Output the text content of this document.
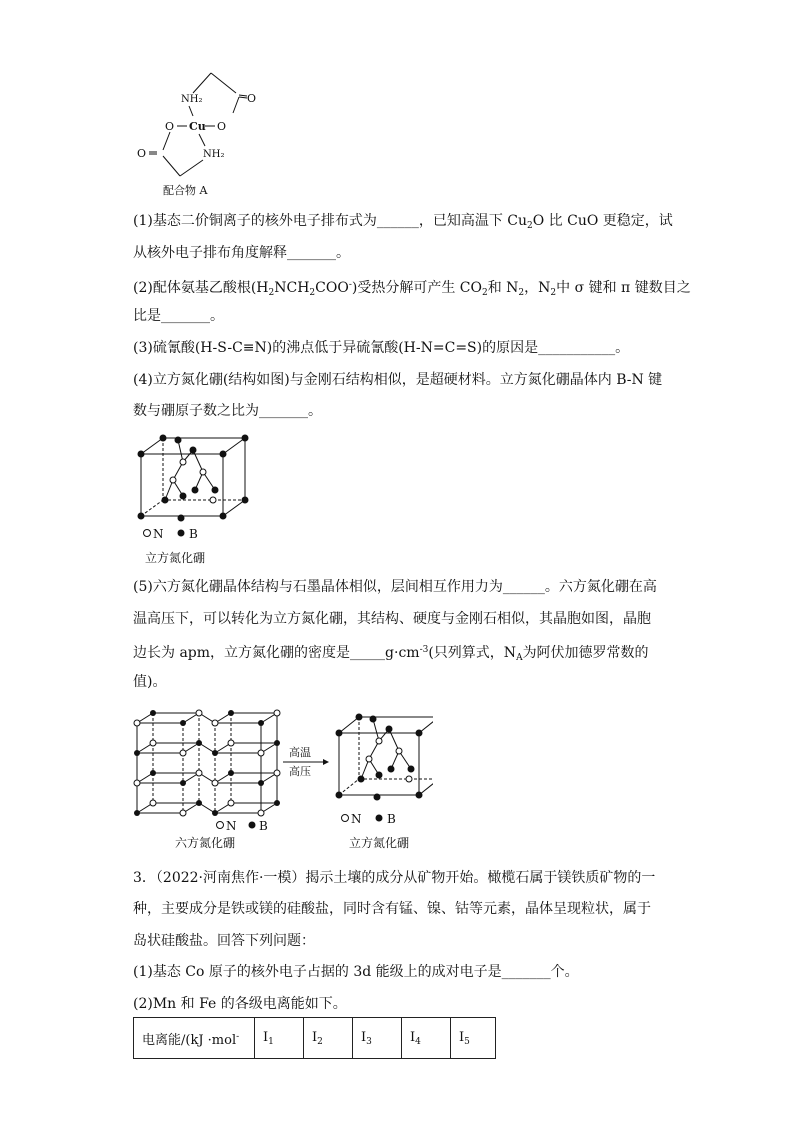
NH₂	O
O Cu O
O	NH₂
配合物 A
(1)基态二价铜离子的核外电子排布式为______，已知高温下 $Cu_2O$ 比 CuO 更稳定，试
从核外电子排布角度解释_______。
(2)配体氨基乙酸根$(H_2NCH_2COO^-)$受热分解可产生 $CO_2$和 $N_2$，$N_2$中 σ 键和 π 键数目之
比是_______。
(3)硫氰酸(H-S-C≡N)的沸点低于异硫氰酸(H-N=C=S)的原因是___________。
(4)立方氮化硼(结构如图)与金刚石结构相似，是超硬材料。立方氮化硼晶体内 B-N 键
数与硼原子数之比为_______。
N B
立方氮化硼
(5)六方氮化硼晶体结构与石墨晶体相似，层间相互作用力为______。六方氮化硼在高
温高压下，可以转化为立方氮化硼，其结构、硬度与金刚石相似，其晶胞如图，晶胞
边长为 apm，立方氮化硼的密度是$\_\_\_\_\_g\cdot cm^{-3}$(只列算式，$N_A$为阿伏加德罗常数的
值)。
N B
六方氮化硼
高温
高压
N B
立方氮化硼
3．（2022·河南焦作·一模）揭示土壤的成分从矿物开始。橄榄石属于镁铁质矿物的一
种，主要成分是铁或镁的硅酸盐，同时含有锰、镍、钴等元素，晶体呈现粒状，属于
岛状硅酸盐。回答下列问题：
(1)基态 Co 原子的核外电子占据的 3d 能级上的成对电子是_______个。
(2)Mn 和 Fe 的各级电离能如下。
电离能/(kJ ·mol-	$I_1$	$I_2$	$I_3$	$I_4$	$I_5$
